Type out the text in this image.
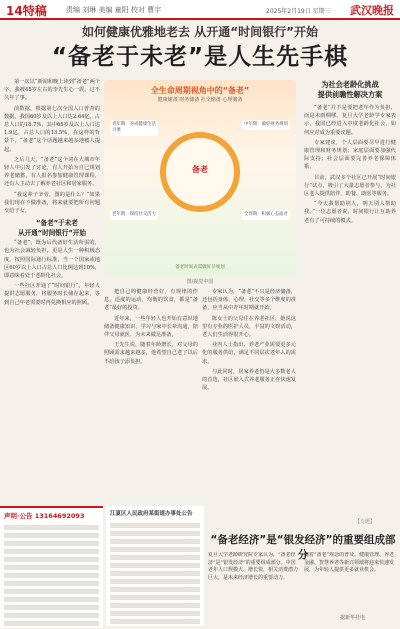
14特稿	责编 刘琳 美编 童阳 校对 曹宇	2025年2月19日 星期三 武汉晚报
如何健康优雅地老去 从开通“时间银行”开始
“备老于未老”是人生先手棋

第一次以“新闻和晚上读到“备老”两个字，我被45岁左右的李先生心一震。过不久年了事。

前数据，根据第七次全国人口普查的数据，我国60岁及以上人口达2.64亿，占总人口的18.7%，其中65岁及以上人口达1.9亿，占总人口的13.5%。在这样的背景下，“备老”这个话题越来越多地被人提起。

之后几天，“备老”这个词在大城市年轻人中引发了讨论，有人开始为自己规划养老储蓄，有人报名参加健康管理课程，还有人主动去了解养老社区和居家服务。

“我这辈子辛劳，图的是什么？”如果我们现在不做准备，将来就要把所有问题交给子女。

“备老”于未老
从开通“时间银行”开始

“备老”，既为后代备好生活所需的，也为社会减轻负担，更是人生一种积极态度。按照国际通行标准，当一个国家或地区60岁以上人口占总人口比例达到10%，即意味着处于老龄化社会。

一些社区开通了“时间银行”，年轻人提供志愿服务，将服务时长储存起来，等到自己年老需要时再兑换相应的照顾。

全生命周期视角中的“备老”
健康储备 财务储备 社交储备 心理储备
备老
青年期：养成健康生活习惯
中年期：做好财务规划
老年期：保持社交活力	全周期：积极心态面对
备老时间表需做好早规划
图/视觉中国

把自己的健康经营好，有规律的作息，适度的运动，均衡的饮食，都是“备老”最好的投资。

近年来，一些年轻人也开始有意识地储备健康知识，学习与家中长辈沟通，陪伴父母就医，为未来做足准备。

王先生说，随着年龄增长，对父母的照顾需求越来越多，他希望自己老了以后不给孩子添负担。

专家认为，“备老”不只是经济储备，还包括身体、心理、社交等多个维度的准备，应当从中青年时期就开始。

陈女士的父母住在养老社区，她说这里有专业的医护人员，丰富的文娱活动，老人们生活得很开心。

业内人士指出，养老产业需要更多元化的服务供给，满足不同层次老年人的需求。

与此同时，居家养老仍是大多数老人的首选，社区嵌入式养老服务正在快速发展。

为社会老龄化挑战
提供前瞻性解决方案

“备老”并不是要把老年作为负担，而是未雨绸缪。复旦大学老龄学专家表示，我国已经进入中度老龄化社会，如何应对成为重要议题。

专家建议，个人层面要尽早进行健康管理和财务规划；家庭层面要加强代际支持；社会层面要完善养老保障体系。

目前，武汉多个社区已开展“时间银行”试点，吸引了大量志愿者参与，为社区老人提供陪伴、助餐、助医等服务。

“今天我帮助别人，明天别人帮助我。”一位志愿者说，时间银行让互助养老有了可持续的模式。

声明·公告 13164692093	江夏区人民政府某街道办事处公告
【专题】
“备老经济”是“银发经济”的重要组成部分
复旦大学老龄研究院专家认为，“备老经济”是“银发经济”的重要组成部分。中国老年人口规模大、增长快，相关消费潜力巨大，是未来经济增长的重要动力。
随着“备老”观念的普及，健康管理、养老金融、智慧养老等新兴领域将迎来快速发展，为年轻人提供更多就业机会。
据新华社电
